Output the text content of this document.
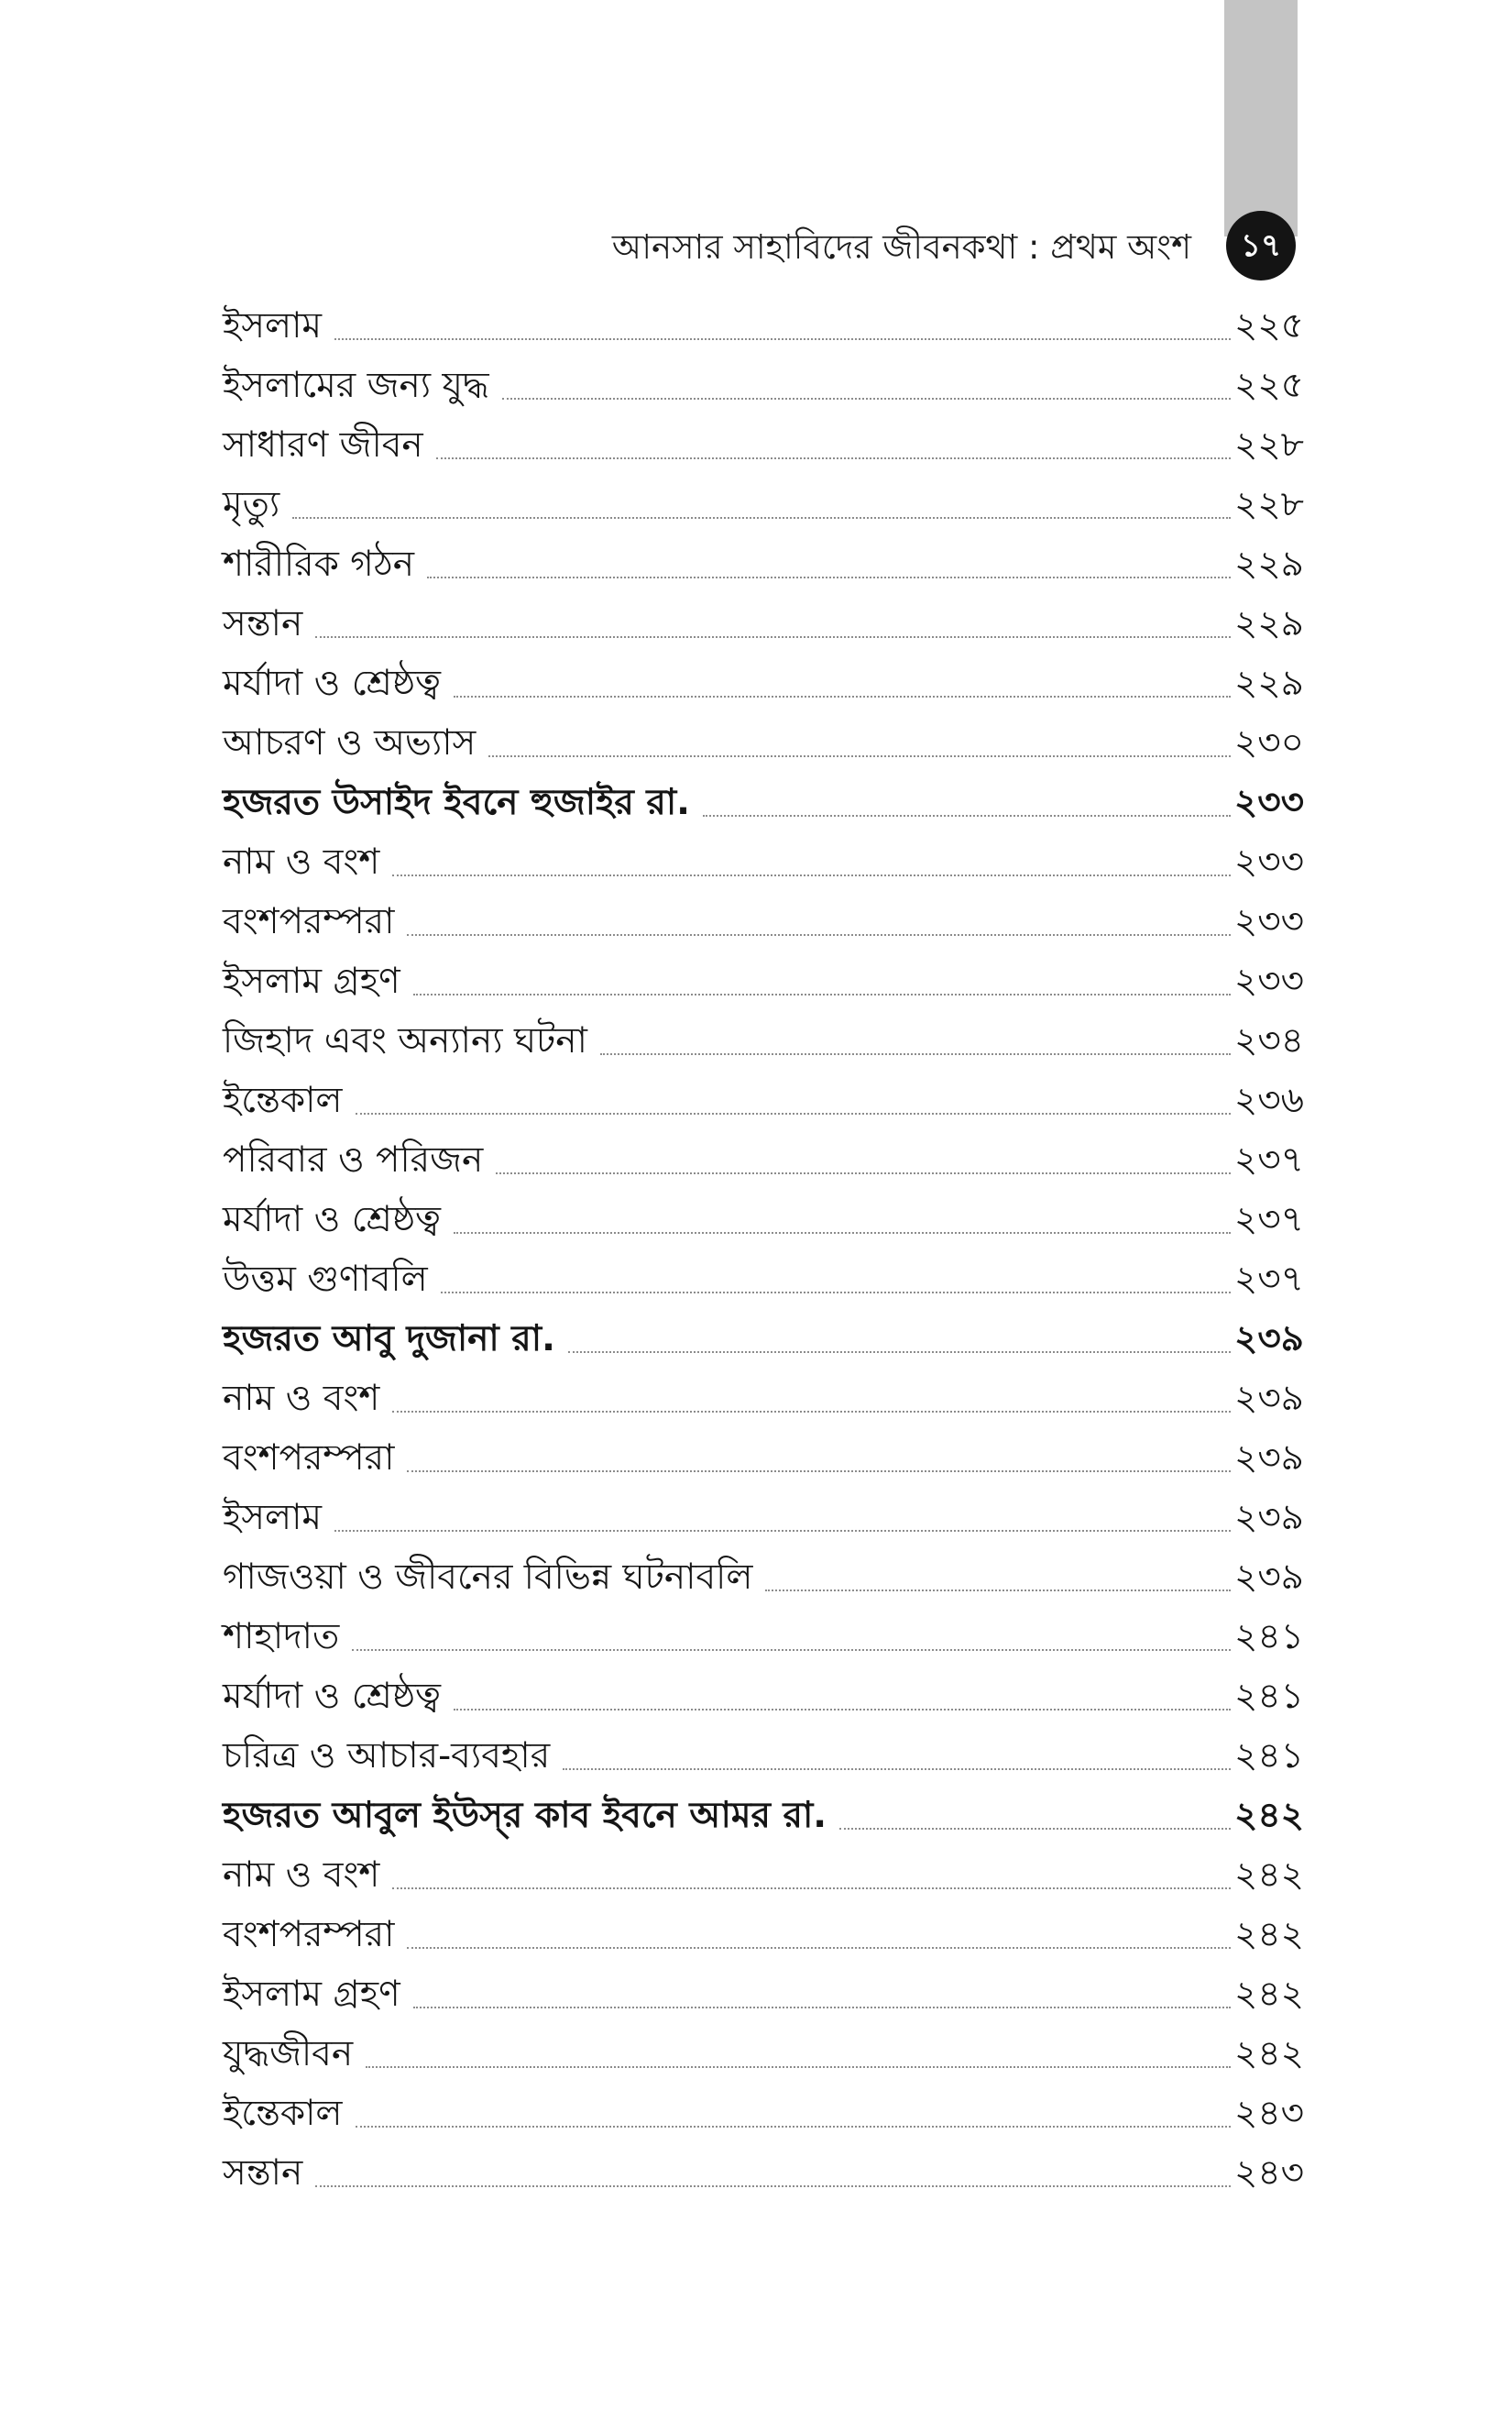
আনসার সাহাবিদের জীবনকথা : প্রথম অংশ	১৭
ইসলাম	২২৫
ইসলামের জন্য যুদ্ধ	২২৫
সাধারণ জীবন	২২৮
মৃত্যু	২২৮
শারীরিক গঠন	২২৯
সন্তান	২২৯
মর্যাদা ও শ্রেষ্ঠত্ব	২২৯
আচরণ ও অভ্যাস	২৩০
হজরত উসাইদ ইবনে হুজাইর রা.	২৩৩
নাম ও বংশ	২৩৩
বংশপরম্পরা	২৩৩
ইসলাম গ্রহণ	২৩৩
জিহাদ এবং অন্যান্য ঘটনা	২৩৪
ইন্তেকাল	২৩৬
পরিবার ও পরিজন	২৩৭
মর্যাদা ও শ্রেষ্ঠত্ব	২৩৭
উত্তম গুণাবলি	২৩৭
হজরত আবু দুজানা রা.	২৩৯
নাম ও বংশ	২৩৯
বংশপরম্পরা	২৩৯
ইসলাম	২৩৯
গাজওয়া ও জীবনের বিভিন্ন ঘটনাবলি	২৩৯
শাহাদাত	২৪১
মর্যাদা ও শ্রেষ্ঠত্ব	২৪১
চরিত্র ও আচার-ব্যবহার	২৪১
হজরত আবুল ইউস্‌র কাব ইবনে আমর রা.	২৪২
নাম ও বংশ	২৪২
বংশপরম্পরা	২৪২
ইসলাম গ্রহণ	২৪২
যুদ্ধজীবন	২৪২
ইন্তেকাল	২৪৩
সন্তান	২৪৩
